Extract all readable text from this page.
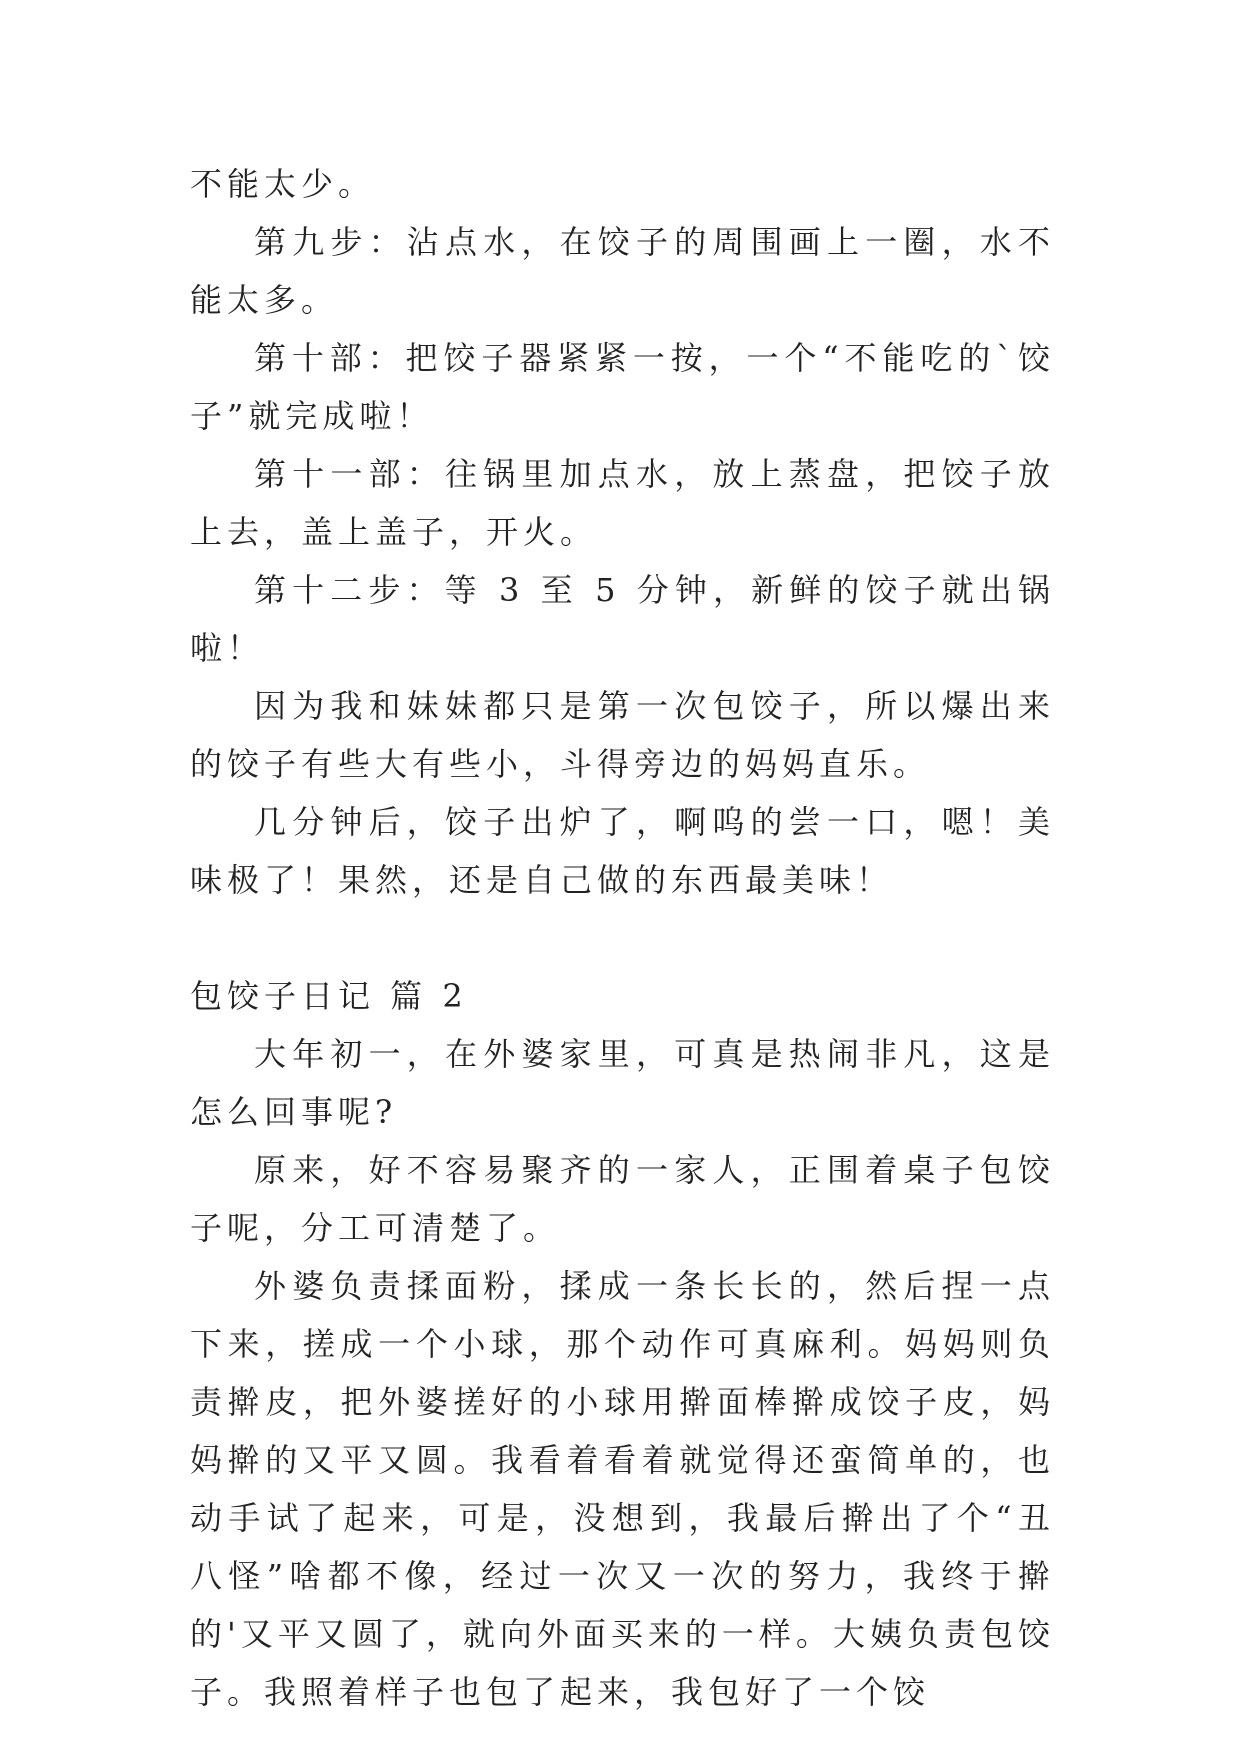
不能太少。

第九步：沾点水，在饺子的周围画上一圈，水不能太多。

第十部：把饺子器紧紧一按，一个“不能吃的`饺子”就完成啦！

第十一部：往锅里加点水，放上蒸盘，把饺子放上去，盖上盖子，开火。

第十二步：等 3 至 5 分钟，新鲜的饺子就出锅啦！

因为我和妹妹都只是第一次包饺子，所以爆出来的饺子有些大有些小，斗得旁边的妈妈直乐。

几分钟后，饺子出炉了，啊呜的尝一口，嗯！美味极了！果然，还是自己做的东西最美味！

包饺子日记 篇 2

大年初一，在外婆家里，可真是热闹非凡，这是怎么回事呢?

原来，好不容易聚齐的一家人，正围着桌子包饺子呢，分工可清楚了。

外婆负责揉面粉，揉成一条长长的，然后捏一点下来，搓成一个小球，那个动作可真麻利。妈妈则负责擀皮，把外婆搓好的小球用擀面棒擀成饺子皮，妈妈擀的又平又圆。我看着看着就觉得还蛮简单的，也动手试了起来，可是，没想到，我最后擀出了个“丑八怪”啥都不像，经过一次又一次的努力，我终于擀的'又平又圆了，就向外面买来的一样。大姨负责包饺子。我照着样子也包了起来，我包好了一个饺
